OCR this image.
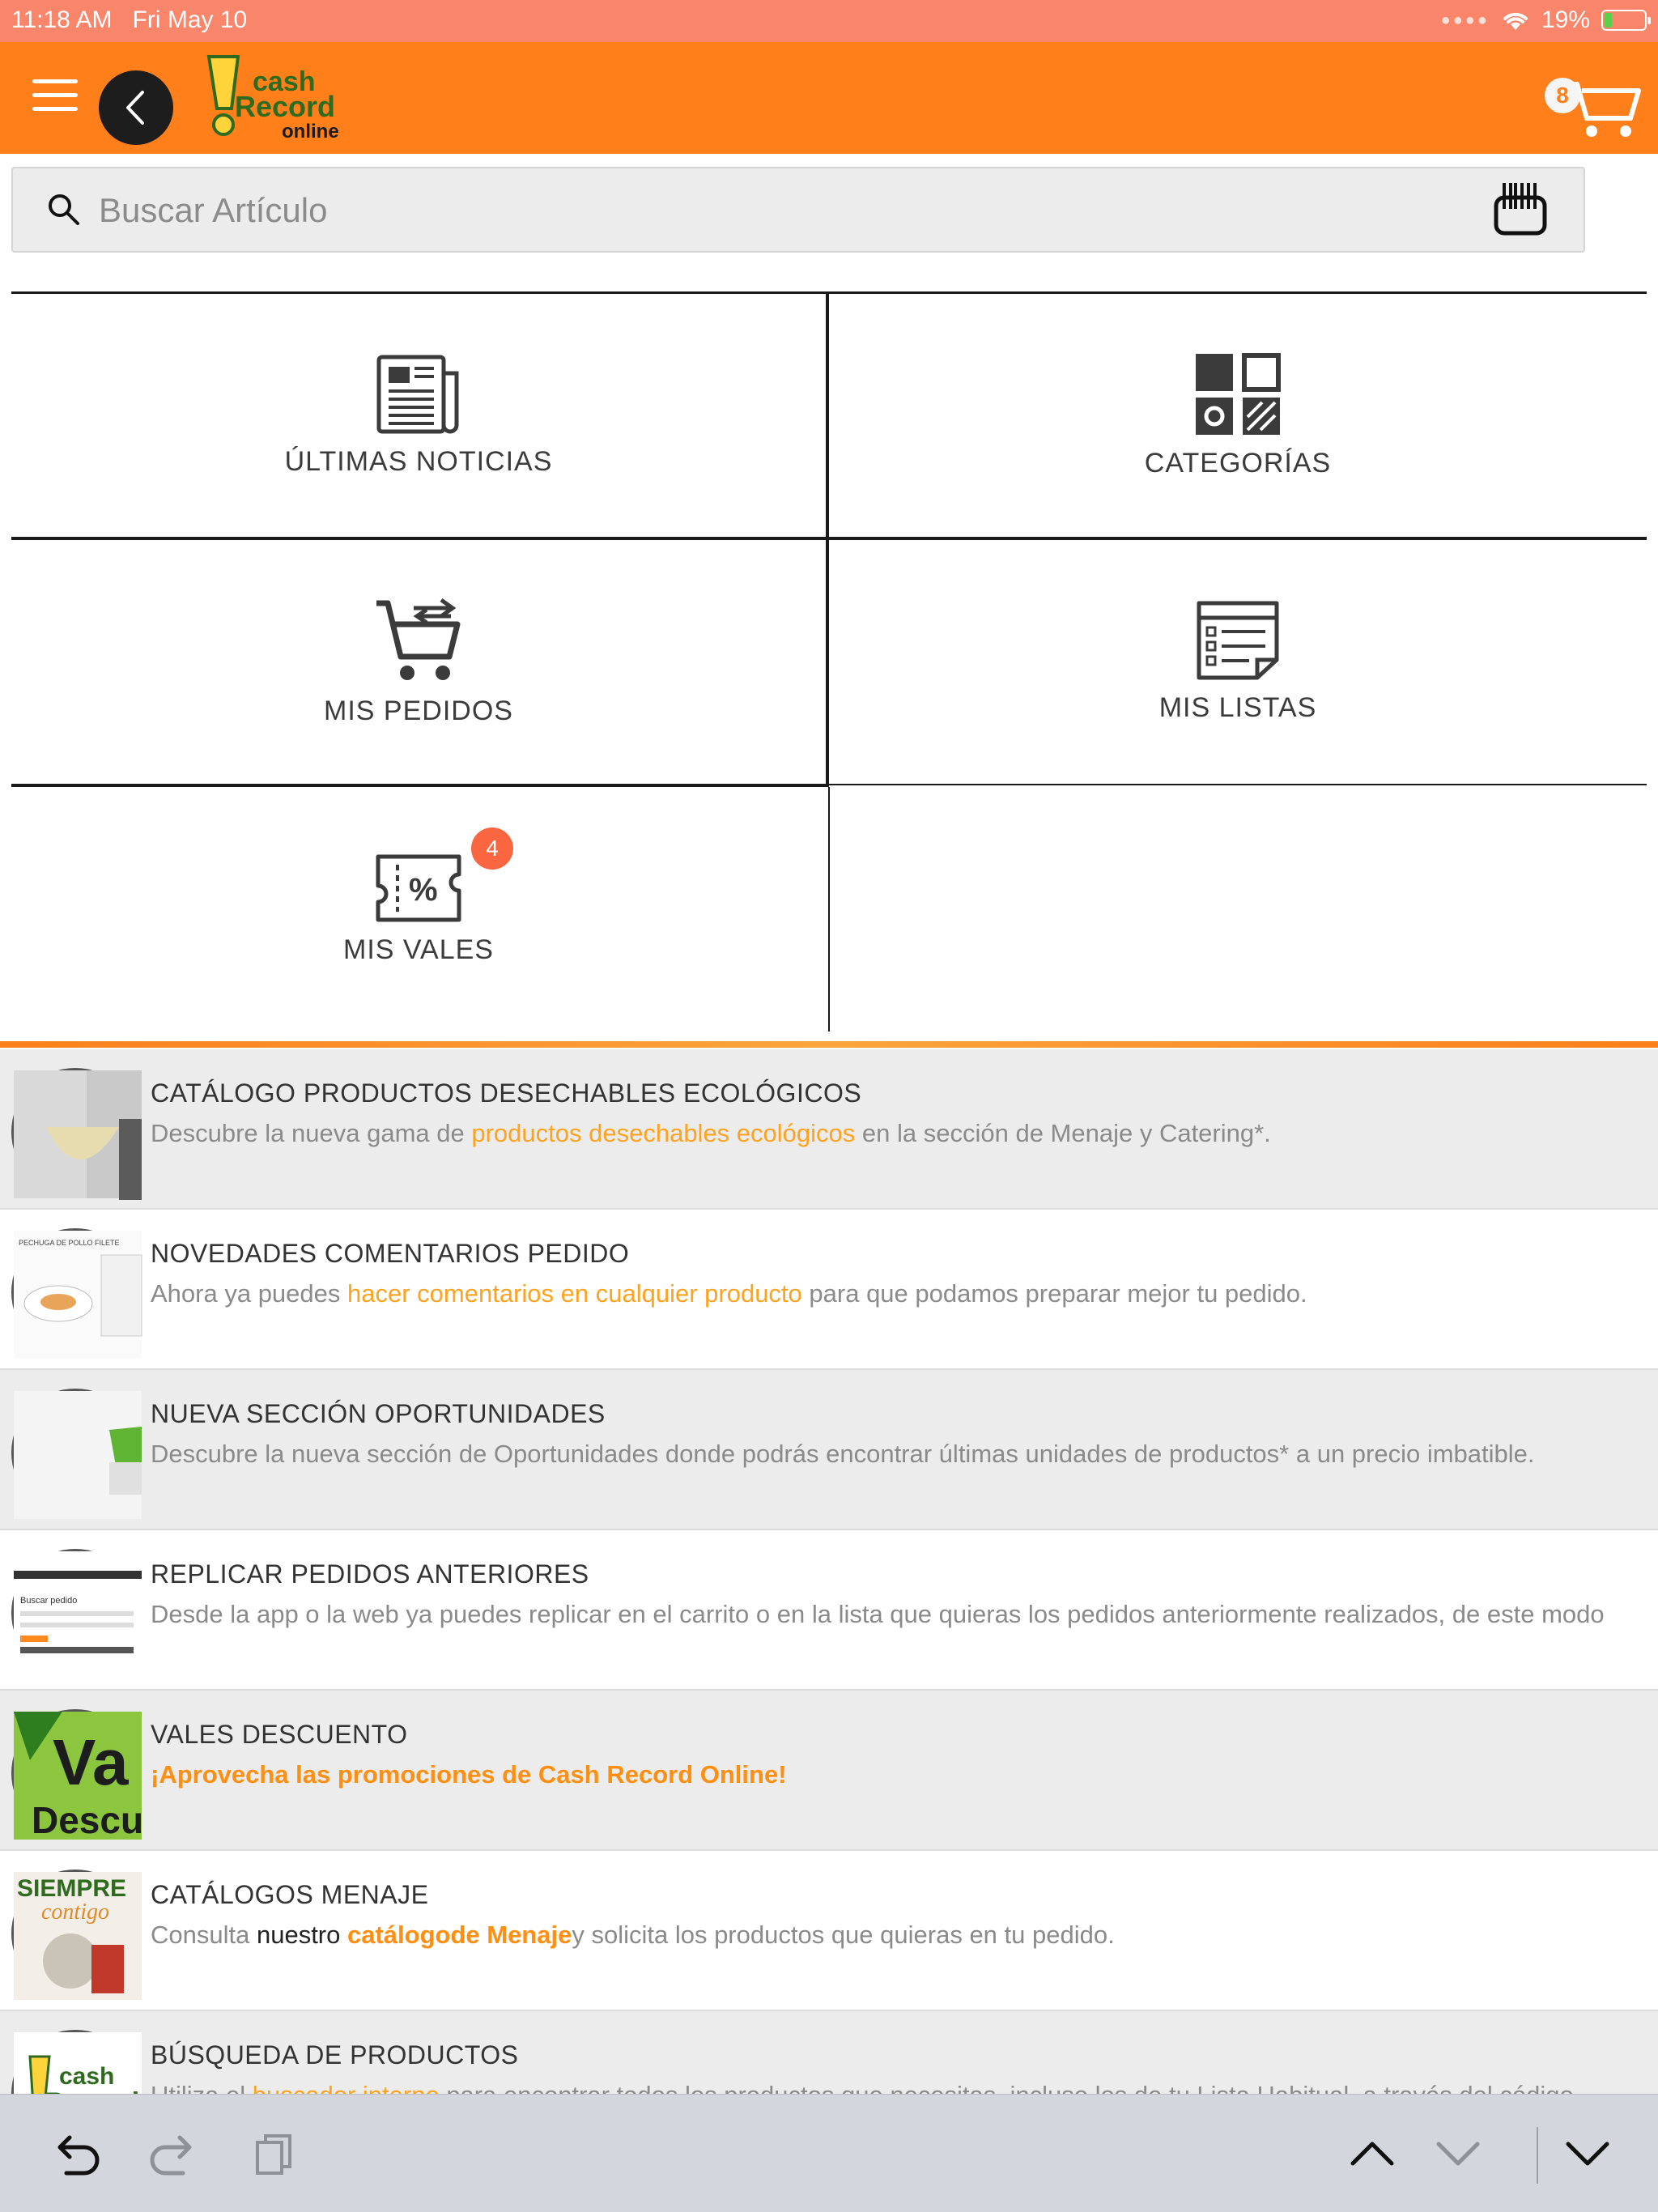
11:18 AM Fri May 10	●●●● 19%
cash
Record
online
8
Buscar Artículo
ÚLTIMAS NOTICIAS	CATEGORÍAS
MIS PEDIDOS	MIS LISTAS
%
MIS VALES
4
CATÁLOGO PRODUCTOS DESECHABLES ECOLÓGICOS
Descubre la nueva gama de productos desechables ecológicos en la sección de Menaje y Catering*.
PECHUGA DE POLLO FILETE NOVEDADES COMENTARIOS PEDIDO
Ahora ya puedes hacer comentarios en cualquier producto para que podamos preparar mejor tu pedido.
NUEVA SECCIÓN OPORTUNIDADES
Descubre la nueva sección de Oportunidades donde podrás encontrar últimas unidades de productos* a un precio imbatible.
Buscar pedido
REPLICAR PEDIDOS ANTERIORES
Desde la app o la web ya puedes replicar en el carrito o en la lista que quieras los pedidos anteriormente realizados, de este modo
Va
Descu
VALES DESCUENTO
¡Aprovecha las promociones de Cash Record Online!
SIEMPRE
contigo
CATÁLOGOS MENAJE
Consulta nuestro catálogode Menajey solicita los productos que quieras en tu pedido.
cash
BÚSQUEDA DE PRODUCTOS
